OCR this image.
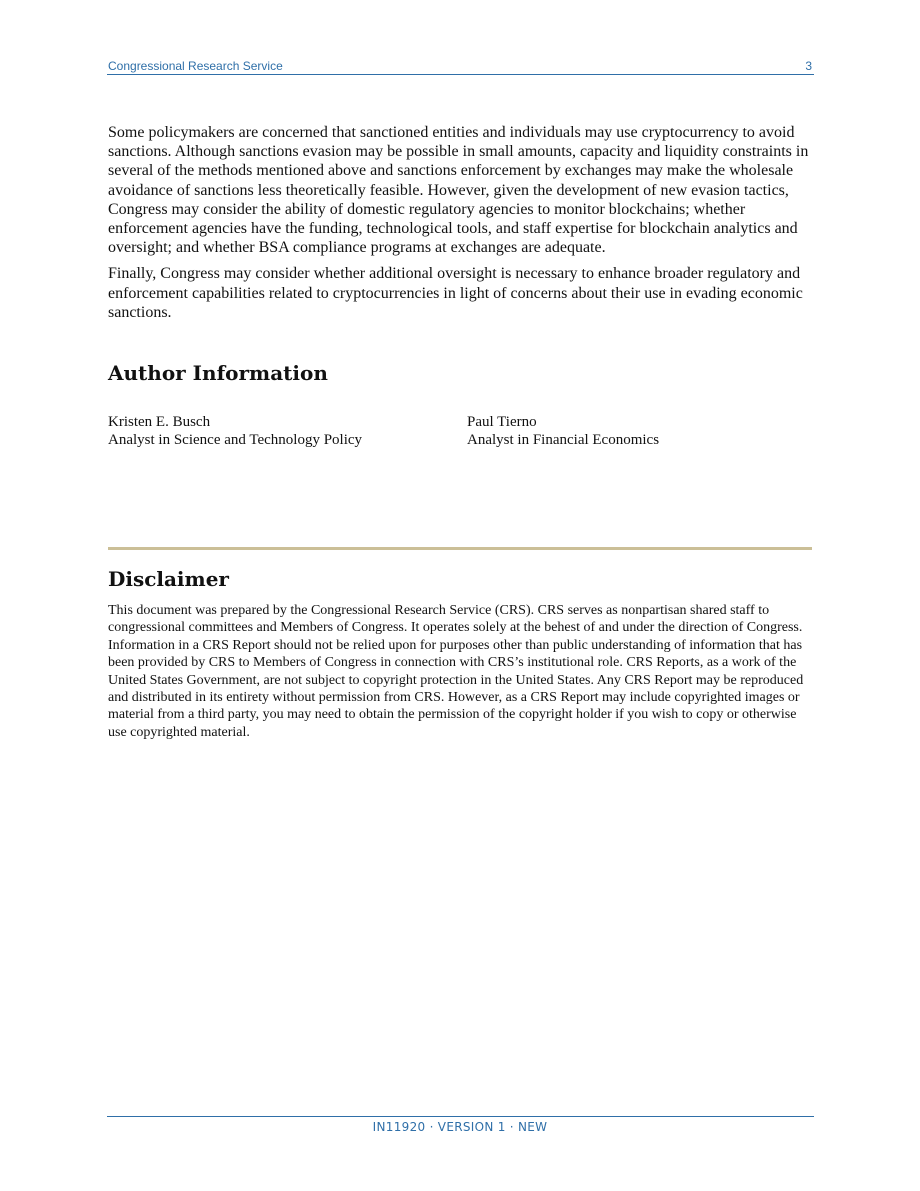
Congressional Research Service	3

Some policymakers are concerned that sanctioned entities and individuals may use cryptocurrency to avoid sanctions. Although sanctions evasion may be possible in small amounts, capacity and liquidity constraints in several of the methods mentioned above and sanctions enforcement by exchanges may make the wholesale avoidance of sanctions less theoretically feasible. However, given the development of new evasion tactics, Congress may consider the ability of domestic regulatory agencies to monitor blockchains; whether enforcement agencies have the funding, technological tools, and staff expertise for blockchain analytics and oversight; and whether BSA compliance programs at exchanges are adequate.

Finally, Congress may consider whether additional oversight is necessary to enhance broader regulatory and enforcement capabilities related to cryptocurrencies in light of concerns about their use in evading economic sanctions.

Author Information
Kristen E. Busch
Analyst in Science and Technology Policy
Paul Tierno
Analyst in Financial Economics
Disclaimer

This document was prepared by the Congressional Research Service (CRS). CRS serves as nonpartisan shared staff to congressional committees and Members of Congress. It operates solely at the behest of and under the direction of Congress. Information in a CRS Report should not be relied upon for purposes other than public understanding of information that has been provided by CRS to Members of Congress in connection with CRS’s institutional role. CRS Reports, as a work of the United States Government, are not subject to copyright protection in the United States. Any CRS Report may be reproduced and distributed in its entirety without permission from CRS. However, as a CRS Report may include copyrighted images or material from a third party, you may need to obtain the permission of the copyright holder if you wish to copy or otherwise use copyrighted material.

IN11920 · VERSION 1 · NEW
